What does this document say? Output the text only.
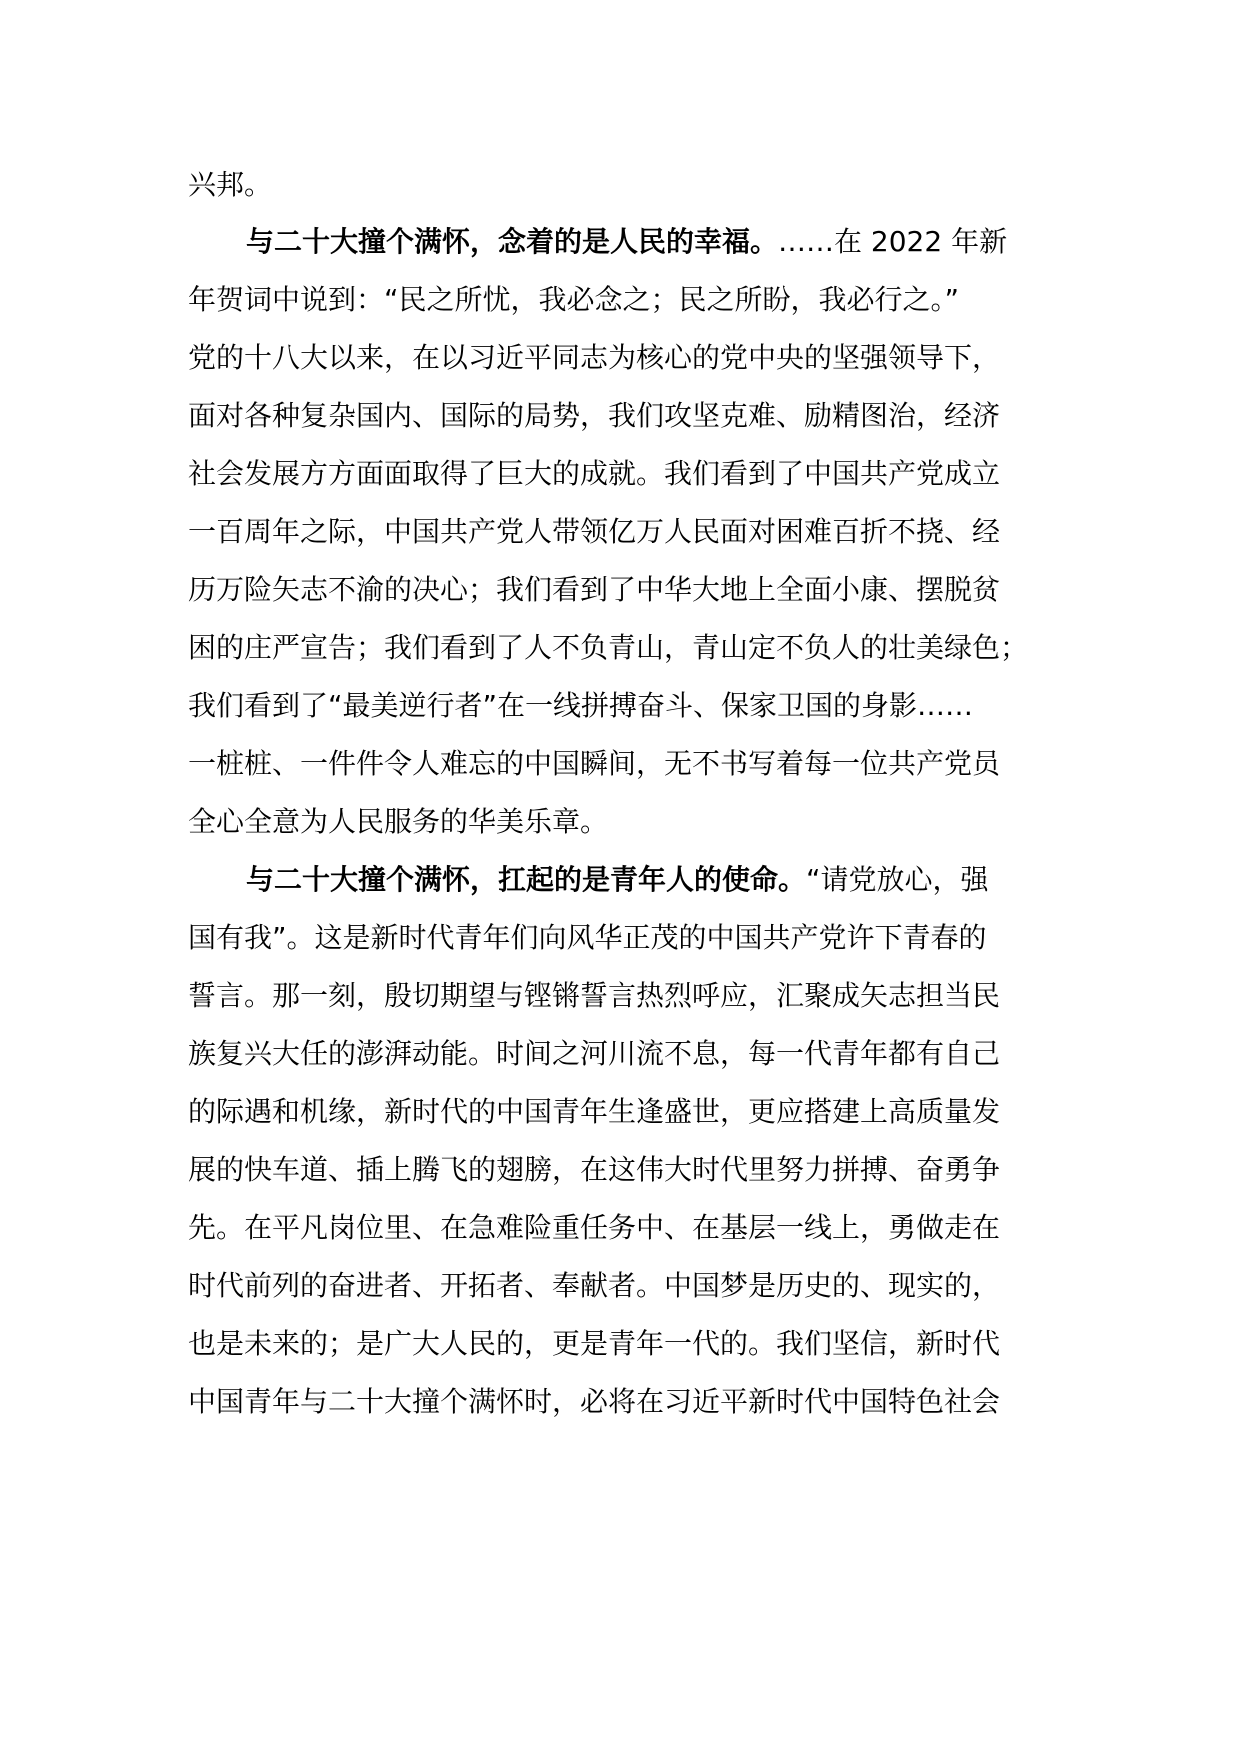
兴邦。
与二十大撞个满怀，念着的是人民的幸福。……在 2022 年新
年贺词中说到：“民之所忧，我必念之；民之所盼，我必行之。”
党的十八大以来，在以习近平同志为核心的党中央的坚强领导下，
面对各种复杂国内、国际的局势，我们攻坚克难、励精图治，经济
社会发展方方面面取得了巨大的成就。我们看到了中国共产党成立
一百周年之际，中国共产党人带领亿万人民面对困难百折不挠、经
历万险矢志不渝的决心；我们看到了中华大地上全面小康、摆脱贫
困的庄严宣告；我们看到了人不负青山，青山定不负人的壮美绿色；
我们看到了“最美逆行者”在一线拼搏奋斗、保家卫国的身影……
一桩桩、一件件令人难忘的中国瞬间，无不书写着每一位共产党员
全心全意为人民服务的华美乐章。
与二十大撞个满怀，扛起的是青年人的使命。“请党放心，强
国有我”。这是新时代青年们向风华正茂的中国共产党许下青春的
誓言。那一刻，殷切期望与铿锵誓言热烈呼应，汇聚成矢志担当民
族复兴大任的澎湃动能。时间之河川流不息，每一代青年都有自己
的际遇和机缘，新时代的中国青年生逢盛世，更应搭建上高质量发
展的快车道、插上腾飞的翅膀，在这伟大时代里努力拼搏、奋勇争
先。在平凡岗位里、在急难险重任务中、在基层一线上，勇做走在
时代前列的奋进者、开拓者、奉献者。中国梦是历史的、现实的，
也是未来的；是广大人民的，更是青年一代的。我们坚信，新时代
中国青年与二十大撞个满怀时，必将在习近平新时代中国特色社会
